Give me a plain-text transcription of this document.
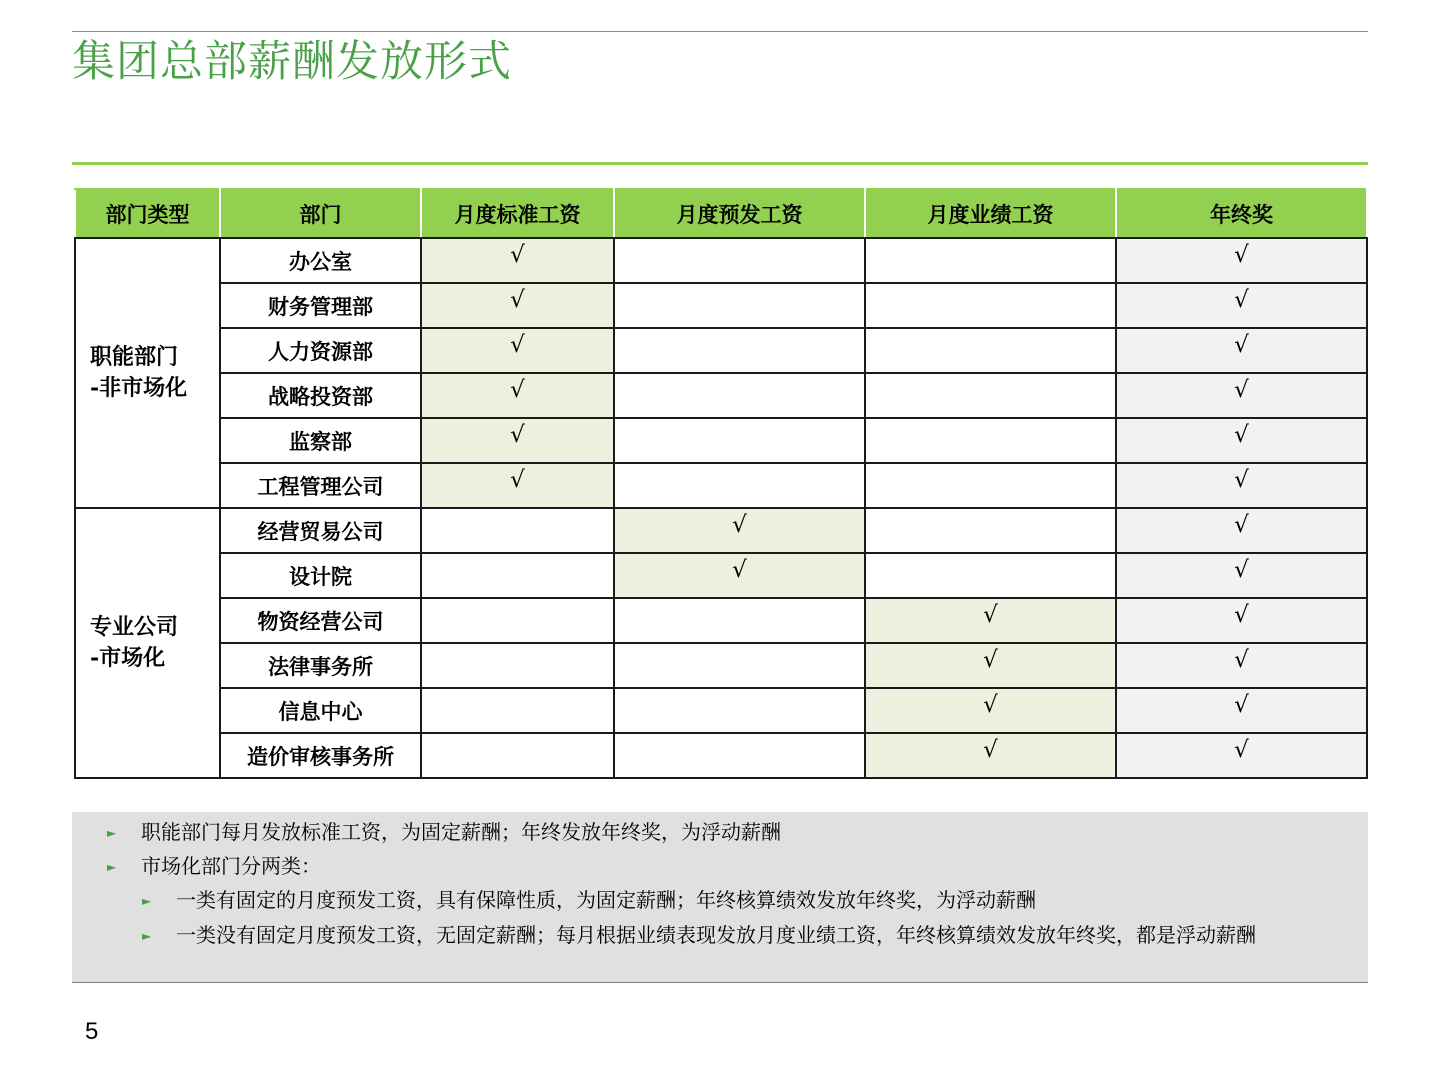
集团总部薪酬发放形式
部门类型	部门	月度标准工资	月度预发工资	月度业绩工资	年终奖

职能部门
-非市场化	办公室	√			√
	财务管理部	√			√
	人力资源部	√			√
	战略投资部	√			√
	监察部	√			√
	工程管理公司	√			√

专业公司
-市场化	经营贸易公司		√		√
	设计院		√		√
	物资经营公司			√	√
	法律事务所			√	√
	信息中心			√	√
	造价审核事务所			√	√
► 职能部门每月发放标准工资，为固定薪酬；年终发放年终奖，为浮动薪酬
► 市场化部门分两类：
► 一类有固定的月度预发工资，具有保障性质，为固定薪酬；年终核算绩效发放年终奖，为浮动薪酬
► 一类没有固定月度预发工资，无固定薪酬；每月根据业绩表现发放月度业绩工资，年终核算绩效发放年终奖，都是浮动薪酬
5
